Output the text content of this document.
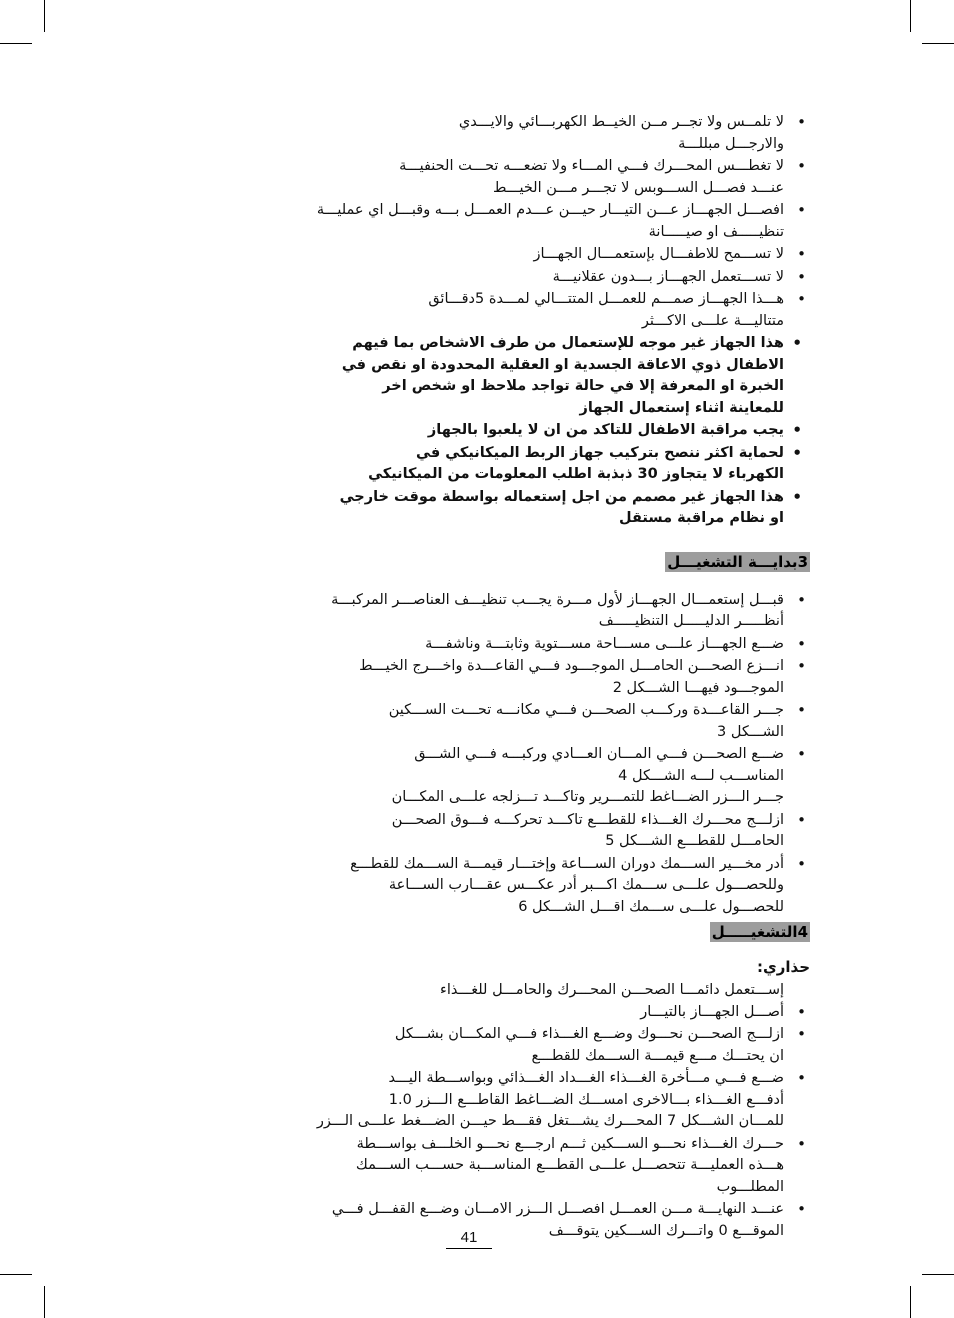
•
لا تلمــس ولا تجــر مــن الخيــط الكهربـــائي والايـــدي
والارجـــل مبللـــة
•
لا تغطـــس المحـــرك فـــي المـــاء ولا تضعـــه تحـــت الحنفيـــة
عنـــد فصـــل الســـوبس لا تجـــر مـــن الخيـــط
•
افصـــل الجهـــاز عـــن التيـــار حيـــن عـــدم العمـــل بـــه وقبـــل اي عمليـــة
تنظيـــــف او صيـــــانة
•
لا تســـمح للاطفـــال بإستعمـــال الجهـــاز
•
لا تســـتعمل الجهـــاز بـــدون عقلانيـــة
•
هـــذا الجهـــاز صمـــم للعمـــل المتتـــالي لمـــدة 5دقـــائق
متتاليـــة علـــى الاكـــثر
•
هذا الجهاز غير موجه للإستعمال من طرف الاشخاص بما فيهم
الاطفال ذوي الاعاقة الجسدية او العقلية المحدودة او نقص في
الخبرة او المعرفة إلا في حالة تواجد ملاحظ او شخص اخر
للمعاينة اثناء إستعمال الجهاز
•
يجب مراقبة الاطفال للتاكد من ان لا يلعبوا بالجهاز
•
لحماية اكثر ننصح بتركيب جهاز الربط الميكانيكي في
الكهرباء لا يتجاوز 30 ذبذبة اطلب المعلومات من الميكانيكي
•
هذا الجهاز غير مصمم من اجل إستعماله بواسطة موقت خارجي
او نظام مراقبة مستقل
3بدايـــة التشغيـــل
•
قبـــل إستعمـــال الجهـــاز لأول مـــرة يجـــب تنظيـــف العناصـــر المركبـــة
أنظـــــر الدليـــــل التنظيـــــف
•
ضـــع الجهـــاز علـــى مســـاحة مســـتوية وثابتـــة وناشفـــة
•
انـــزع الصحـــن الحامـــل الموجـــود فـــي القاعـــدة واخـــرج الخيـــط
الموجـــود فيهـــا الشـــكل 2
•
جـــر القاعـــدة وركـــب الصحـــن فـــي مكانـــه تحـــت الســـكين
الشـــكل 3
•
ضـــع الصحـــن فـــي المـــان العـــادي وركبـــه فـــي الشـــق
المناســـب لـــه الشـــكل 4
جـــر الـــزر الضـــاغط للتمـــرير وتاكـــد تـــزلجه علـــى المكـــان
•
ازلـــج محـــرك الغـــذاء للقطـــع تاكـــد تحركـــه فـــوق الصحـــن
الحامـــل للقطـــع الشـــكل 5
•
أدر مخـــير الســـمك دوران الســـاعة وإختـــار قيمـــة الســـمك للقطـــع
وللحصـــول علـــى ســـمك اكـــبر أدر عكـــس عقـــارب الســـاعة
للحصـــول علـــى ســـمك اقـــل الشـــكل 6
4التشغيـــــل
حذاري:
إســـتعمل دائمـــا الصحـــن المحـــرك والحامـــل للغـــذاء
•
أصـــل الجهـــاز بالتيـــار
•
ازلـــج الصحـــن نحـــوك وضـــع الغـــذاء فـــي المكـــان بشـــكل
ان يحتـــك مـــع قيمـــة الســـمك للقطـــع
•
ضـــع فـــي مـــأخرة الغـــذاء الغـــداد الغـــذائي وبواســـطة اليـــد
أدفـــع الغـــذاء بـــالاخرى امســـك الضـــاغط القاطـــع الـــزر 1.0
للمـــان الشـــكل 7 المحـــرك يشـــتغل فقـــط حيـــن الضـــغط علـــى الـــزر
•
حـــرك الغـــذاء نحـــو الســـكين ثـــم ارجـــع نحـــو الخلـــف بواســـطة
هـــذه العمليـــة تتحصـــل علـــى القطـــع المناســـبة حســـب الســـمك المطلـــوب
•
عنـــد النهايـــة مـــن العمـــل افصـــل الـــزر الامـــان وضـــع القفـــل فـــي
الموقـــع 0 واتـــرك الســـكين يتوقـــف
41
